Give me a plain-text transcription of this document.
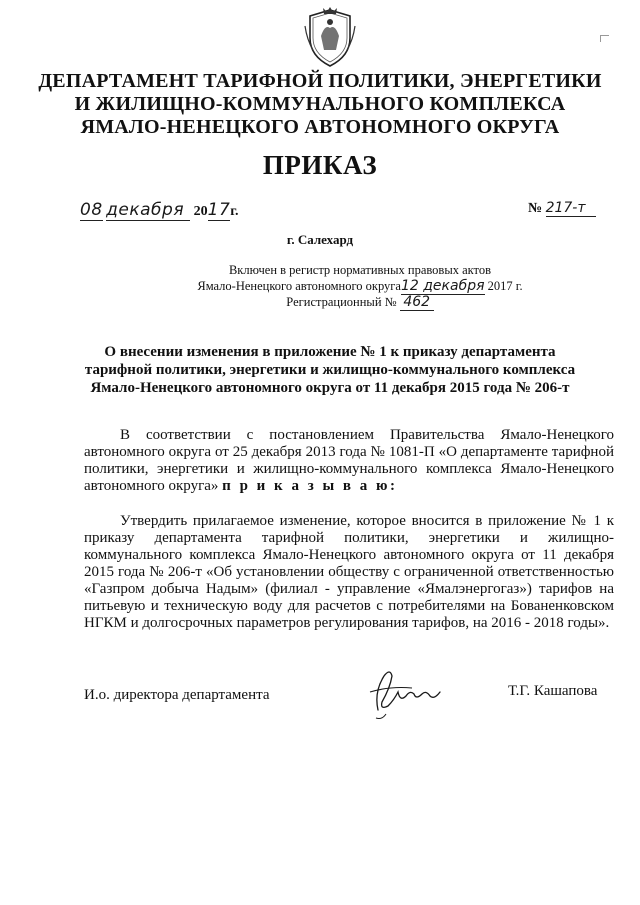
ДЕПАРТАМЕНТ ТАРИФНОЙ ПОЛИТИКИ, ЭНЕРГЕТИКИ
И ЖИЛИЩНО-КОММУНАЛЬНОГО КОМПЛЕКСА
ЯМАЛО-НЕНЕЦКОГО АВТОНОМНОГО ОКРУГА
ПРИКАЗ
08 декабря 2017г.	№ 217-т
г. Салехард
Включен в регистр нормативных правовых актов
Ямало-Ненецкого автономного округа12 декабря 2017 г.
Регистрационный № 462
О внесении изменения в приложение № 1 к приказу департамента
тарифной политики, энергетики и жилищно-коммунального комплекса
Ямало-Ненецкого автономного округа от 11 декабря 2015 года № 206-т
В соответствии с постановлением Правительства Ямало-Ненецкого автономного округа от 25 декабря 2013 года № 1081-П «О департаменте тарифной политики, энергетики и жилищно-коммунального комплекса Ямало-Ненецкого автономного округа» п р и к а з ы в а ю:
Утвердить прилагаемое изменение, которое вносится в приложение № 1 к приказу департамента тарифной политики, энергетики и жилищно-коммунального комплекса Ямало-Ненецкого автономного округа от 11 декабря 2015 года № 206-т «Об установлении обществу с ограниченной ответственностью «Газпром добыча Надым» (филиал - управление «Ямалэнергогаз») тарифов на питьевую и техническую воду для расчетов с потребителями на Бованенковском НГКМ и долгосрочных параметров регулирования тарифов, на 2016 - 2018 годы».
И.о. директора департамента	Т.Г. Кашапова
